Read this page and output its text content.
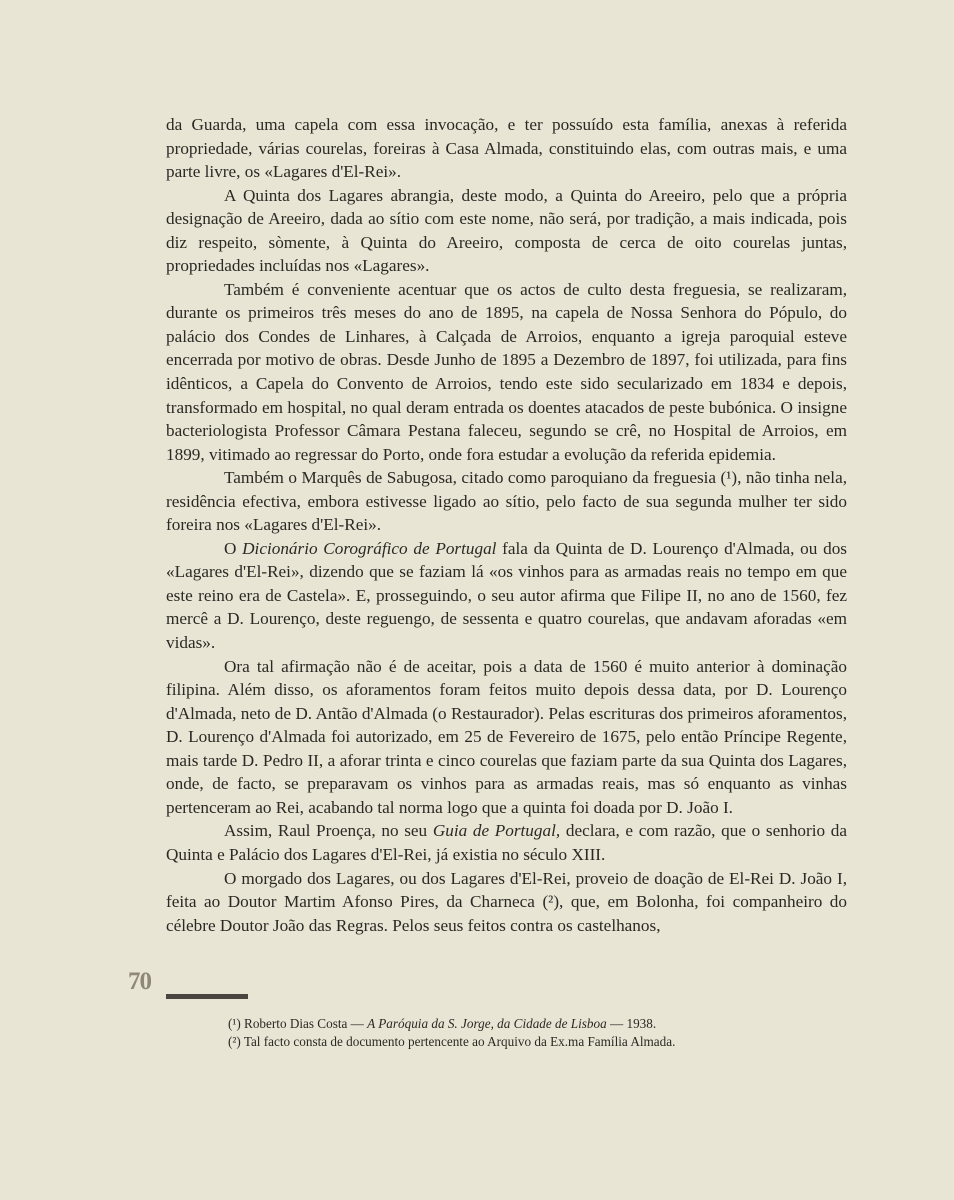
da Guarda, uma capela com essa invocação, e ter possuído esta família, anexas à referida propriedade, várias courelas, foreiras à Casa Almada, constituindo elas, com outras mais, e uma parte livre, os «Lagares d'El-Rei».

A Quinta dos Lagares abrangia, deste modo, a Quinta do Areeiro, pelo que a própria designação de Areeiro, dada ao sítio com este nome, não será, por tradição, a mais indicada, pois diz respeito, sòmente, à Quinta do Areeiro, composta de cerca de oito courelas juntas, propriedades incluídas nos «Lagares».

Também é conveniente acentuar que os actos de culto desta freguesia, se realizaram, durante os primeiros três meses do ano de 1895, na capela de Nossa Senhora do Pópulo, do palácio dos Condes de Linhares, à Calçada de Arroios, enquanto a igreja paroquial esteve encerrada por motivo de obras. Desde Junho de 1895 a Dezembro de 1897, foi utilizada, para fins idênticos, a Capela do Convento de Arroios, tendo este sido secularizado em 1834 e depois, transformado em hospital, no qual deram entrada os doentes atacados de peste bubónica. O insigne bacteriologista Professor Câmara Pestana faleceu, segundo se crê, no Hospital de Arroios, em 1899, vitimado ao regressar do Porto, onde fora estudar a evolução da referida epidemia.

Também o Marquês de Sabugosa, citado como paroquiano da freguesia (¹), não tinha nela, residência efectiva, embora estivesse ligado ao sítio, pelo facto de sua segunda mulher ter sido foreira nos «Lagares d'El-Rei».

O Dicionário Corográfico de Portugal fala da Quinta de D. Lourenço d'Almada, ou dos «Lagares d'El-Rei», dizendo que se faziam lá «os vinhos para as armadas reais no tempo em que este reino era de Castela». E, prosseguindo, o seu autor afirma que Filipe II, no ano de 1560, fez mercê a D. Lourenço, deste reguengo, de sessenta e quatro courelas, que andavam aforadas «em vidas».

Ora tal afirmação não é de aceitar, pois a data de 1560 é muito anterior à dominação filipina. Além disso, os aforamentos foram feitos muito depois dessa data, por D. Lourenço d'Almada, neto de D. Antão d'Almada (o Restaurador). Pelas escrituras dos primeiros aforamentos, D. Lourenço d'Almada foi autorizado, em 25 de Fevereiro de 1675, pelo então Príncipe Regente, mais tarde D. Pedro II, a aforar trinta e cinco courelas que faziam parte da sua Quinta dos Lagares, onde, de facto, se preparavam os vinhos para as armadas reais, mas só enquanto as vinhas pertenceram ao Rei, acabando tal norma logo que a quinta foi doada por D. João I.

Assim, Raul Proença, no seu Guia de Portugal, declara, e com razão, que o senhorio da Quinta e Palácio dos Lagares d'El-Rei, já existia no século XIII.

O morgado dos Lagares, ou dos Lagares d'El-Rei, proveio de doação de El-Rei D. João I, feita ao Doutor Martim Afonso Pires, da Charneca (²), que, em Bolonha, foi companheiro do célebre Doutor João das Regras. Pelos seus feitos contra os castelhanos,

70

(¹) Roberto Dias Costa — A Paróquia da S. Jorge, da Cidade de Lisboa — 1938.

(²) Tal facto consta de documento pertencente ao Arquivo da Ex.ma Família Almada.
